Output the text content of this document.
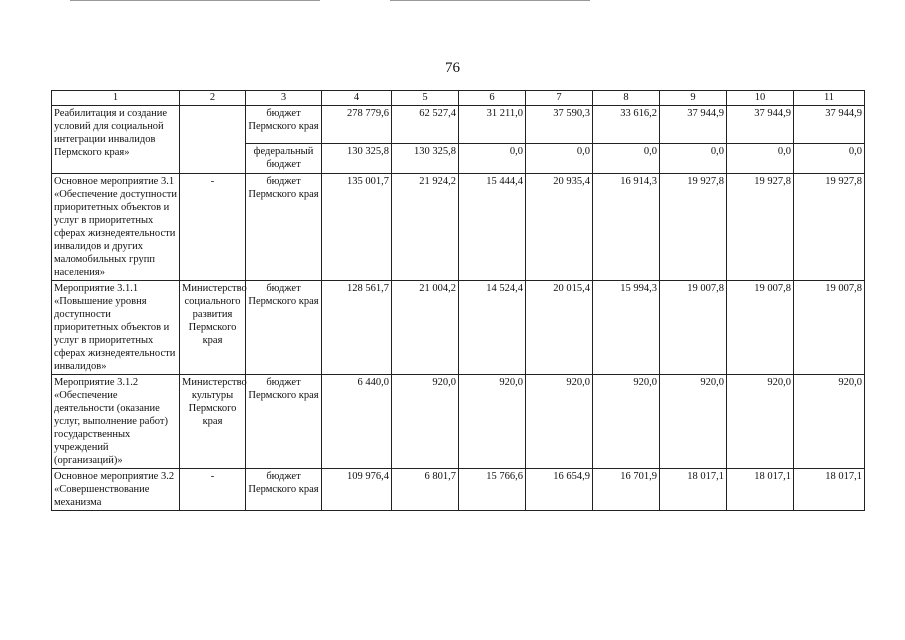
76
1	2	3	4	5	6	7	8	9	10	11
Реабилитация и создание условий для социальной интеграции инвалидов Пермского края»		бюджет Пермского края	278 779,6	62 527,4	31 211,0	37 590,3	33 616,2	37 944,9	37 944,9	37 944,9
		федеральный бюджет	130 325,8	130 325,8	0,0	0,0	0,0	0,0	0,0	0,0
Основное мероприятие 3.1 «Обеспечение доступности приоритетных объектов и услуг в приоритетных сферах жизнедеятельности инвалидов и других маломобильных групп населения»	-	бюджет Пермского края	135 001,7	21 924,2	15 444,4	20 935,4	16 914,3	19 927,8	19 927,8	19 927,8
Мероприятие 3.1.1 «Повышение уровня доступности приоритетных объектов и услуг в приоритетных сферах жизнедеятельности инвалидов»	Министерство социального развития Пермского края	бюджет Пермского края	128 561,7	21 004,2	14 524,4	20 015,4	15 994,3	19 007,8	19 007,8	19 007,8
Мероприятие 3.1.2 «Обеспечение деятельности (оказание услуг, выполнение работ) государственных учреждений (организаций)»	Министерство культуры Пермского края	бюджет Пермского края	6 440,0	920,0	920,0	920,0	920,0	920,0	920,0	920,0
Основное мероприятие 3.2 «Совершенствование механизма	-	бюджет Пермского края	109 976,4	6 801,7	15 766,6	16 654,9	16 701,9	18 017,1	18 017,1	18 017,1
